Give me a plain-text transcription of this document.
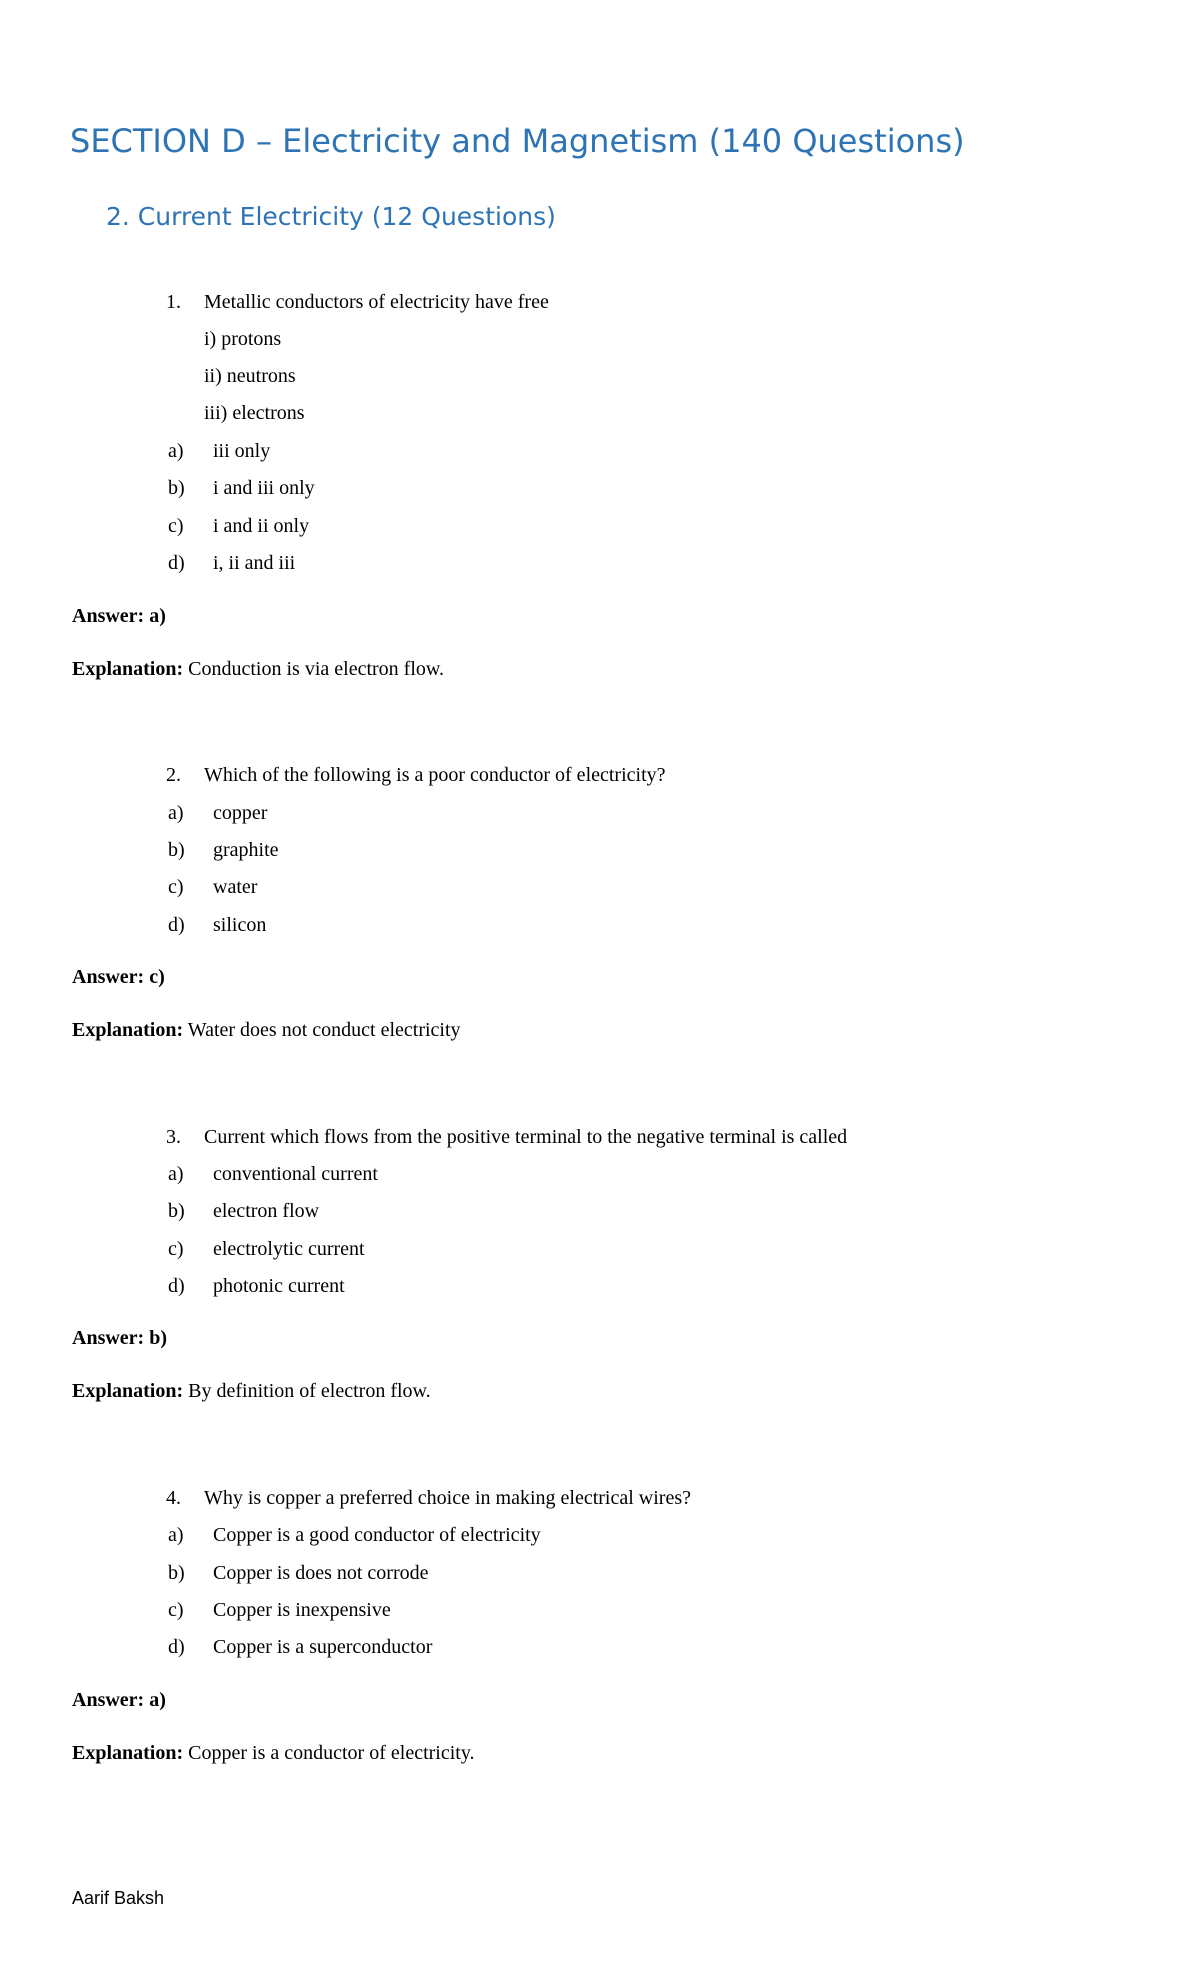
SECTION D – Electricity and Magnetism (140 Questions)
2. Current Electricity (12 Questions)
1. Metallic conductors of electricity have free
i) protons
ii) neutrons
iii) electrons
a) iii only
b) i and iii only
c) i and ii only
d) i, ii and iii
Answer: a)
Explanation: Conduction is via electron flow.
2. Which of the following is a poor conductor of electricity?
a) copper
b) graphite
c) water
d) silicon
Answer: c)
Explanation: Water does not conduct electricity
3. Current which flows from the positive terminal to the negative terminal is called
a) conventional current
b) electron flow
c) electrolytic current
d) photonic current
Answer: b)
Explanation: By definition of electron flow.
4. Why is copper a preferred choice in making electrical wires?
a) Copper is a good conductor of electricity
b) Copper is does not corrode
c) Copper is inexpensive
d) Copper is a superconductor
Answer: a)
Explanation: Copper is a conductor of electricity.
Aarif Baksh
